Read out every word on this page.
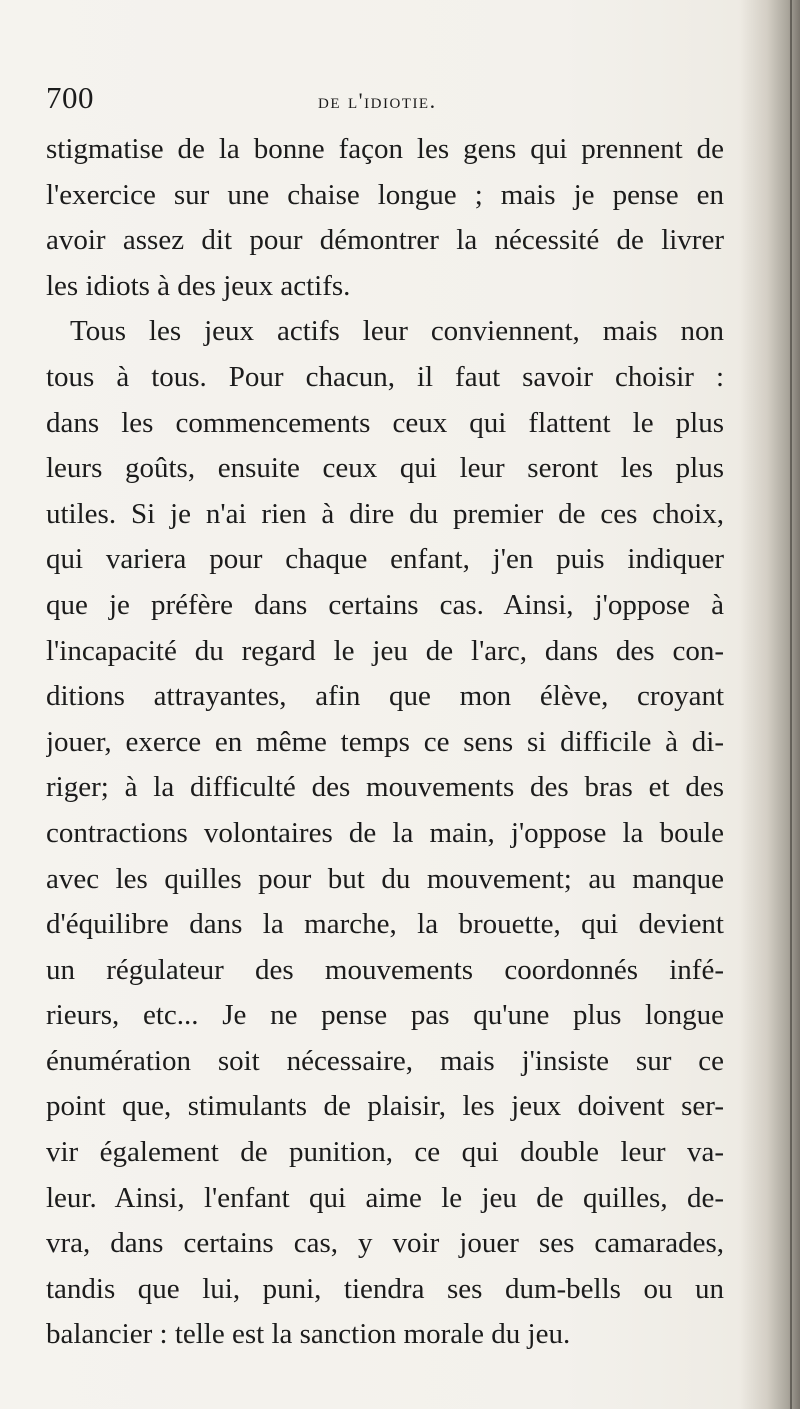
700	de l'idiotie.
stigmatise de la bonne façon les gens qui prennent de
l'exercice sur une chaise longue ; mais je pense en
avoir assez dit pour démontrer la nécessité de livrer
les idiots à des jeux actifs.
Tous les jeux actifs leur conviennent, mais non
tous à tous. Pour chacun, il faut savoir choisir :
dans les commencements ceux qui flattent le plus
leurs goûts, ensuite ceux qui leur seront les plus
utiles. Si je n'ai rien à dire du premier de ces choix,
qui variera pour chaque enfant, j'en puis indiquer
que je préfère dans certains cas. Ainsi, j'oppose à
l'incapacité du regard le jeu de l'arc, dans des con-
ditions attrayantes, afin que mon élève, croyant
jouer, exerce en même temps ce sens si difficile à di-
riger; à la difficulté des mouvements des bras et des
contractions volontaires de la main, j'oppose la boule
avec les quilles pour but du mouvement; au manque
d'équilibre dans la marche, la brouette, qui devient
un régulateur des mouvements coordonnés infé-
rieurs, etc... Je ne pense pas qu'une plus longue
énumération soit nécessaire, mais j'insiste sur ce
point que, stimulants de plaisir, les jeux doivent ser-
vir également de punition, ce qui double leur va-
leur. Ainsi, l'enfant qui aime le jeu de quilles, de-
vra, dans certains cas, y voir jouer ses camarades,
tandis que lui, puni, tiendra ses dum-bells ou un
balancier : telle est la sanction morale du jeu.
